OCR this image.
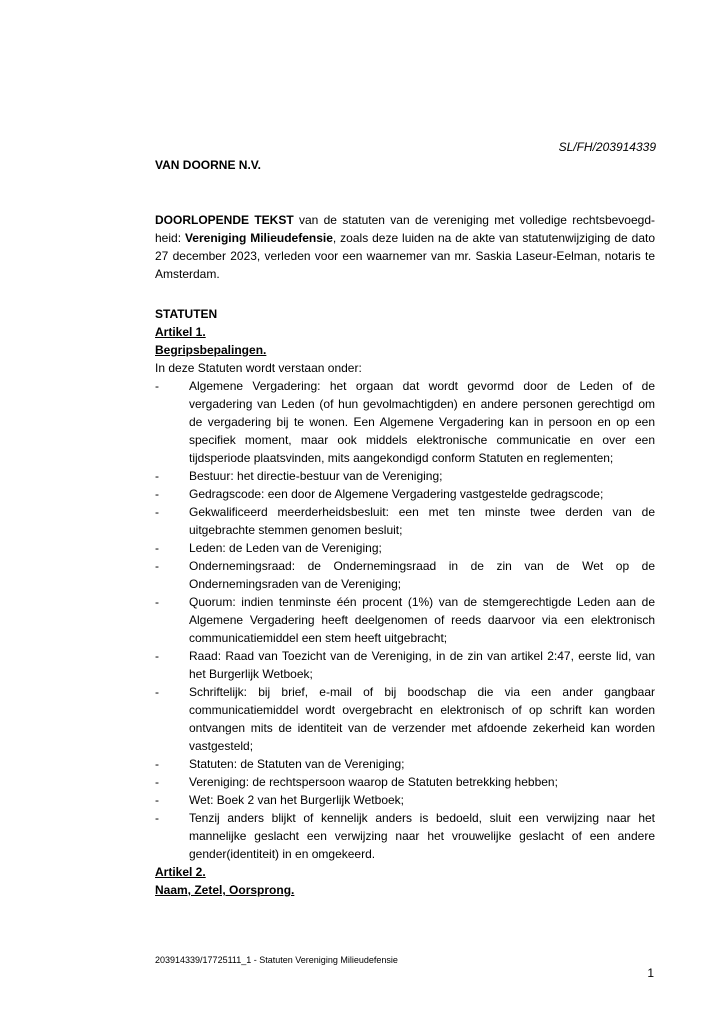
SL/FH/203914339
VAN DOORNE N.V.
DOORLOPENDE TEKST van de statuten van de vereniging met volledige rechtsbevoegd-heid: Vereniging Milieudefensie, zoals deze luiden na de akte van statutenwijziging de dato 27 december 2023, verleden voor een waarnemer van mr. Saskia Laseur-Eelman, notaris te Amsterdam.
STATUTEN
Artikel 1.
Begripsbepalingen.
In deze Statuten wordt verstaan onder:
-	Algemene Vergadering: het orgaan dat wordt gevormd door de Leden of de vergadering van Leden (of hun gevolmachtigden) en andere personen gerechtigd om de vergadering bij te wonen. Een Algemene Vergadering kan in persoon en op een specifiek moment, maar ook middels elektronische communicatie en over een tijdsperiode plaatsvinden, mits aangekondigd conform Statuten en reglementen;
-	Bestuur: het directie-bestuur van de Vereniging;
-	Gedragscode: een door de Algemene Vergadering vastgestelde gedragscode;
-	Gekwalificeerd meerderheidsbesluit: een met ten minste twee derden van de uitgebrachte stemmen genomen besluit;
-	Leden: de Leden van de Vereniging;
-	Ondernemingsraad: de Ondernemingsraad in de zin van de Wet op de Ondernemingsraden van de Vereniging;
-	Quorum: indien tenminste één procent (1%) van de stemgerechtigde Leden aan de Algemene Vergadering heeft deelgenomen of reeds daarvoor via een elektronisch communicatiemiddel een stem heeft uitgebracht;
-	Raad: Raad van Toezicht van de Vereniging, in de zin van artikel 2:47, eerste lid, van het Burgerlijk Wetboek;
-	Schriftelijk: bij brief, e-mail of bij boodschap die via een ander gangbaar communicatiemiddel wordt overgebracht en elektronisch of op schrift kan worden ontvangen mits de identiteit van de verzender met afdoende zekerheid kan worden vastgesteld;
-	Statuten: de Statuten van de Vereniging;
-	Vereniging: de rechtspersoon waarop de Statuten betrekking hebben;
-	Wet: Boek 2 van het Burgerlijk Wetboek;
-	Tenzij anders blijkt of kennelijk anders is bedoeld, sluit een verwijzing naar het mannelijke geslacht een verwijzing naar het vrouwelijke geslacht of een andere gender(identiteit) in en omgekeerd.
Artikel 2.
Naam, Zetel, Oorsprong.
203914339/17725111_1 - Statuten Vereniging Milieudefensie
1
